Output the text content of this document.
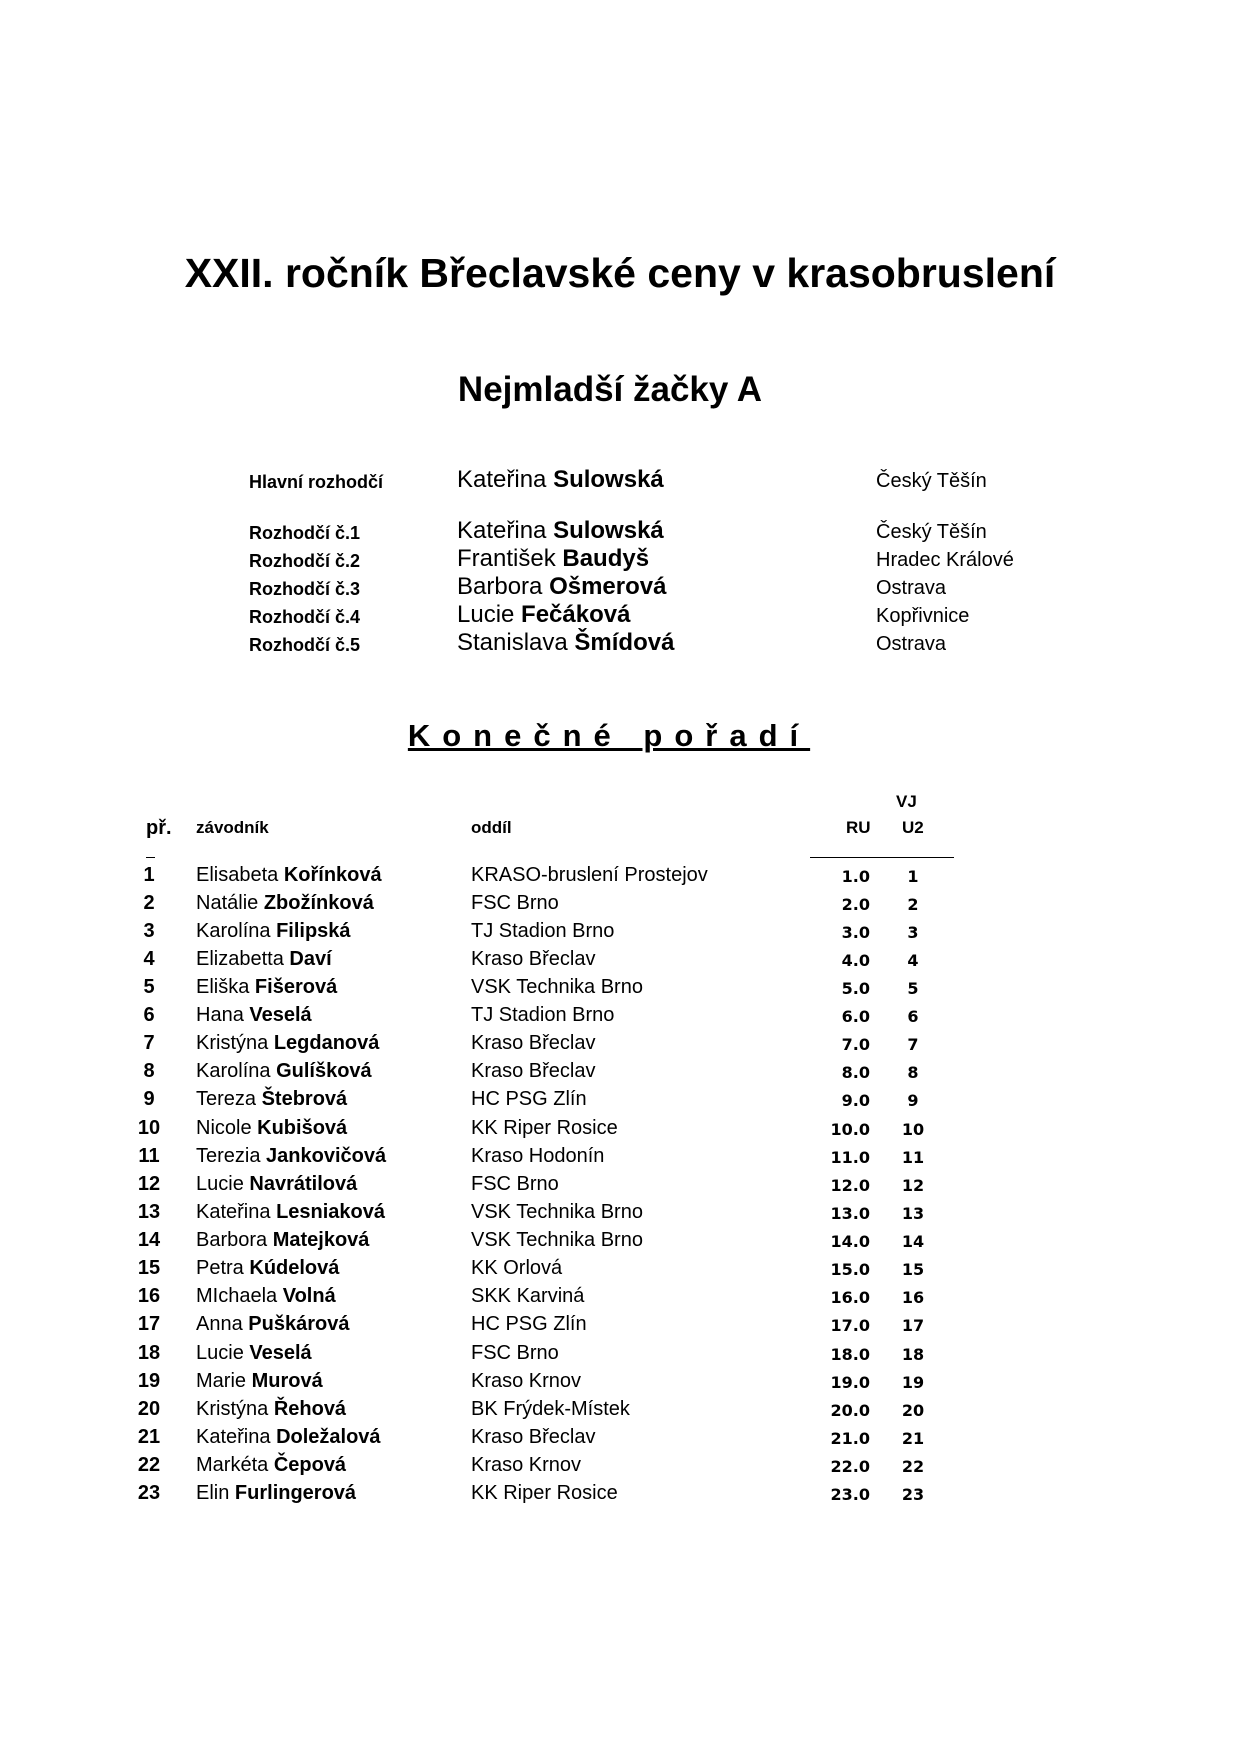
XXII. ročník Břeclavské ceny v krasobruslení
Nejmladší žačky A
Hlavní rozhodčí	Kateřina Sulowská	Český Těšín
Rozhodčí č.1	Kateřina Sulowská	Český Těšín
Rozhodčí č.2	František Baudyš	Hradec Králové
Rozhodčí č.3	Barbora Ošmerová	Ostrava
Rozhodčí č.4	Lucie Fečáková	Kopřivnice
Rozhodčí č.5	Stanislava Šmídová	Ostrava
Konečné pořadí
př. závodník	oddíl
VJ
RU U2
1	Elisabeta Kořínková	KRASO-bruslení Prostejov	1.0	1
2	Natálie Zbožínková	FSC Brno	2.0	2
3	Karolína Filipská	TJ Stadion Brno	3.0	3
4	Elizabetta Daví	Kraso Břeclav	4.0	4
5	Eliška Fišerová	VSK Technika Brno	5.0	5
6	Hana Veselá	TJ Stadion Brno	6.0	6
7	Kristýna Legdanová	Kraso Břeclav	7.0	7
8	Karolína Gulíšková	Kraso Břeclav	8.0	8
9	Tereza Štebrová	HC PSG Zlín	9.0	9
10	Nicole Kubišová	KK Riper Rosice	10.0	10
11	Terezia Jankovičová	Kraso Hodonín	11.0	11
12	Lucie Navrátilová	FSC Brno	12.0	12
13	Kateřina Lesniaková	VSK Technika Brno	13.0	13
14	Barbora Matejková	VSK Technika Brno	14.0	14
15	Petra Kúdelová	KK Orlová	15.0	15
16	MIchaela Volná	SKK Karviná	16.0	16
17	Anna Puškárová	HC PSG Zlín	17.0	17
18	Lucie Veselá	FSC Brno	18.0	18
19	Marie Murová	Kraso Krnov	19.0	19
20	Kristýna Řehová	BK Frýdek-Místek	20.0	20
21	Kateřina Doležalová	Kraso Břeclav	21.0	21
22	Markéta Čepová	Kraso Krnov	22.0	22
23	Elin Furlingerová	KK Riper Rosice	23.0	23
